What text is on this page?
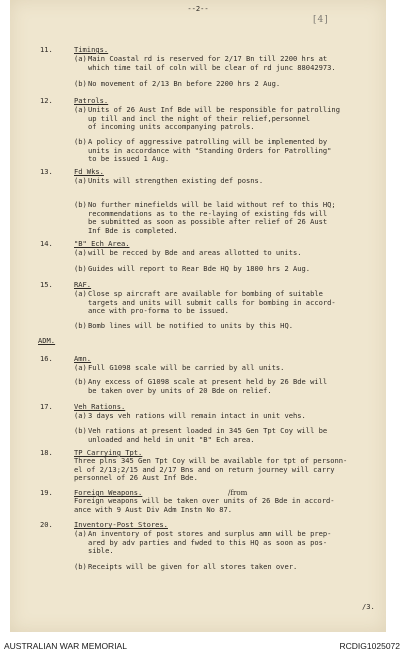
--2--
[4]
11.	Timings.
(a) Main Coastal rd is reserved for 2/17 Bn till 2200 hrs at
which time tail of coln will be clear of rd junc 88042973.
(b) No movement of 2/13 Bn before 2200 hrs 2 Aug.
12.	Patrols.
(a) Units of 26 Aust Inf Bde will be responsible for patrolling
up till and incl the night of their relief,personnel
of incoming units accompanying patrols.
(b) A policy of aggressive patrolling will be implemented by
units in accordance with "Standing Orders for Patrolling"
to be issued 1 Aug.
13.	Fd Wks.
(a) Units will strengthen existing def posns.
(b) No further minefields will be laid without ref to this HQ;
recommendations as to the re-laying of existing fds will
be submitted as soon as possible after relief of 26 Aust
Inf Bde is completed.
14.	"B" Ech Area.
(a) will be recced by Bde and areas allotted to units.
(b) Guides will report to Rear Bde HQ by 1800 hrs 2 Aug.
15.	RAF.
(a) Close sp aircraft are available for bombing of suitable
targets and units will submit calls for bombing in accord-
ance with pro-forma to be issued.
(b) Bomb lines will be notified to units by this HQ.
ADM.
16.	Amn.
(a) Full G1098 scale will be carried by all units.
(b) Any excess of G1098 scale at present held by 26 Bde will
be taken over by units of 20 Bde on relief.
17.	Veh Rations.
(a) 3 days veh rations will remain intact in unit vehs.
(b) Veh rations at present loaded in 345 Gen Tpt Coy will be
unloaded and held in unit "B" Ech area.
18.	TP Carrying Tpt.
Three plns 345 Gen Tpt Coy will be available for tpt of personn-
el of 2/13;2/15 and 2/17 Bns and on return journey will carry
personnel of 26 Aust Inf Bde.
19.	Foreign Weapons.	/from
Foreign weapons will be taken over units of 26 Bde in accord-
ance with 9 Aust Div Adm Instn No 87.
20.	Inventory-Post Stores.
(a) An inventory of post stores and surplus amn will be prep-
ared by adv parties and fwded to this HQ as soon as pos-
sible.
(b) Receipts will be given for all stores taken over.
/3.
AUSTRALIAN WAR MEMORIAL	RCDIG1025072
